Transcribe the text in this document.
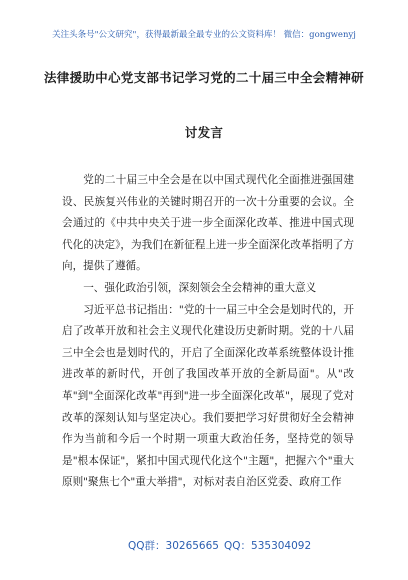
关注头条号"公文研究"，获得最新最全最专业的公文资料库！ 微信：gongwenyj
法律援助中心党支部书记学习党的二十届三中全会精神研
讨发言

党的二十届三中全会是在以中国式现代化全面推进强国建设、民族复兴伟业的关键时期召开的一次十分重要的会议。全会通过的《中共中央关于进一步全面深化改革、推进中国式现代化的决定》，为我们在新征程上进一步全面深化改革指明了方向，提供了遵循。

一、强化政治引领，深刻领会全会精神的重大意义

习近平总书记指出："党的十一届三中全会是划时代的，开启了改革开放和社会主义现代化建设历史新时期。党的十八届三中全会也是划时代的，开启了全面深化改革系统整体设计推进改革的新时代，开创了我国改革开放的全新局面"。从"改革"到"全面深化改革"再到"进一步全面深化改革"，展现了党对改革的深刻认知与坚定决心。我们要把学习好贯彻好全会精神作为当前和今后一个时期一项重大政治任务，坚持党的领导是"根本保证"，紧扣中国式现代化这个"主题"，把握六个"重大原则"聚焦七个"重大举措"，对标对表自治区党委、政府工作

QQ群：30265665 QQ：535304092
